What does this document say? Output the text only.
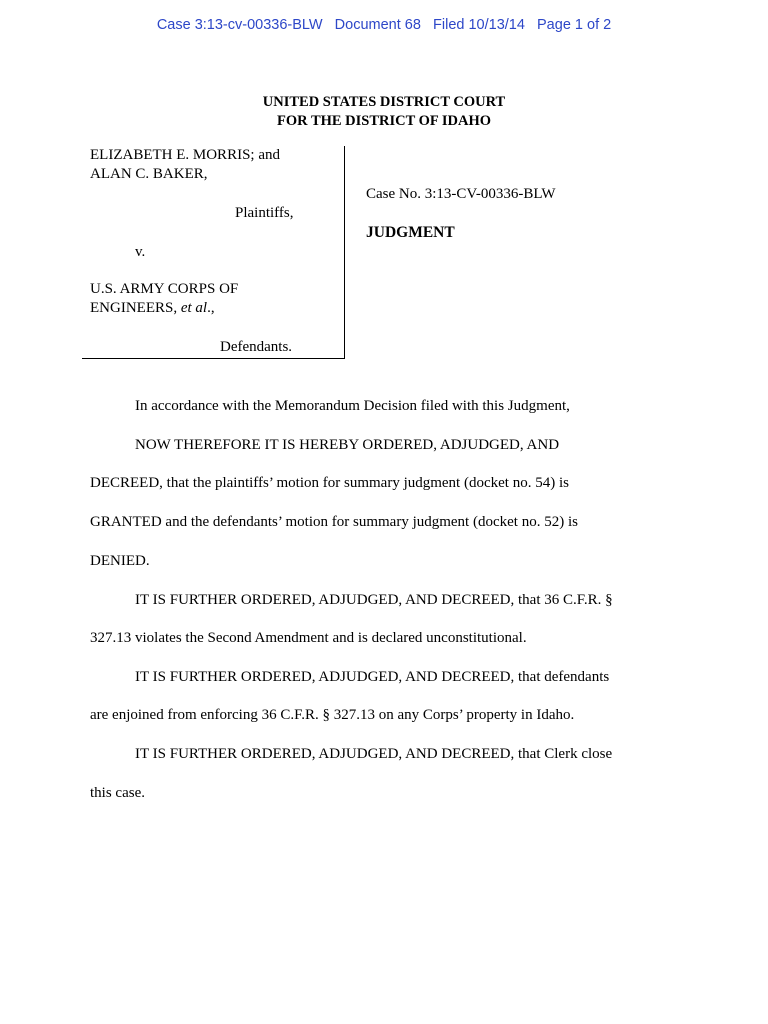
Case 3:13-cv-00336-BLW Document 68 Filed 10/13/14 Page 1 of 2
UNITED STATES DISTRICT COURT
FOR THE DISTRICT OF IDAHO
ELIZABETH E. MORRIS; and
ALAN C. BAKER,
Plaintiffs,
v.
U.S. ARMY CORPS OF
ENGINEERS, et al.,
Defendants.
Case No. 3:13-CV-00336-BLW
JUDGMENT
In accordance with the Memorandum Decision filed with this Judgment,
NOW THEREFORE IT IS HEREBY ORDERED, ADJUDGED, AND
DECREED, that the plaintiffs’ motion for summary judgment (docket no. 54) is
GRANTED and the defendants’ motion for summary judgment (docket no. 52) is
DENIED.
IT IS FURTHER ORDERED, ADJUDGED, AND DECREED, that 36 C.F.R. §
327.13 violates the Second Amendment and is declared unconstitutional.
IT IS FURTHER ORDERED, ADJUDGED, AND DECREED, that defendants
are enjoined from enforcing 36 C.F.R. § 327.13 on any Corps’ property in Idaho.
IT IS FURTHER ORDERED, ADJUDGED, AND DECREED, that Clerk close
this case.
